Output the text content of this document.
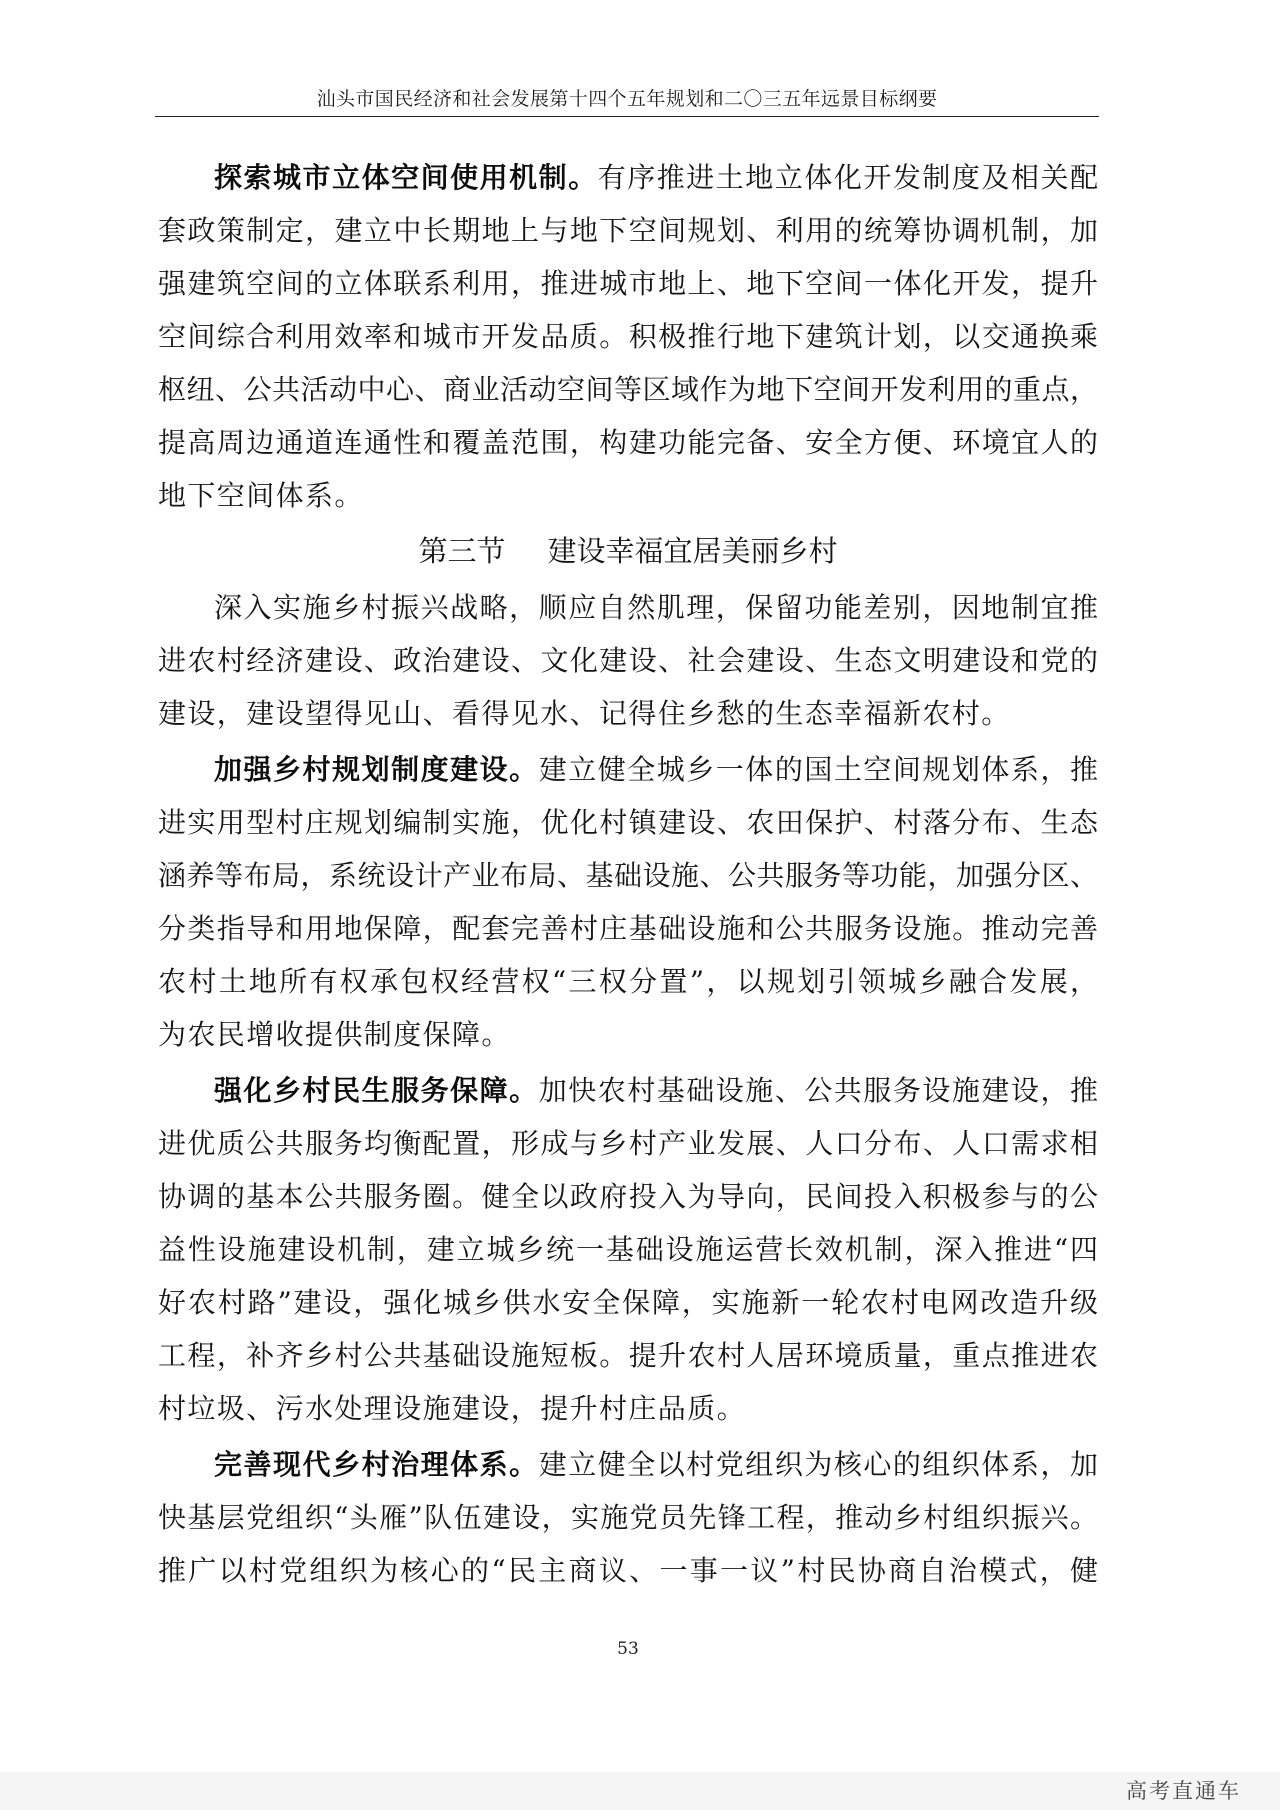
汕头市国民经济和社会发展第十四个五年规划和二〇三五年远景目标纲要
探索城市立体空间使用机制。有序推进土地立体化开发制度及相关配
套政策制定，建立中长期地上与地下空间规划、利用的统筹协调机制，加
强建筑空间的立体联系利用，推进城市地上、地下空间一体化开发，提升
空间综合利用效率和城市开发品质。积极推行地下建筑计划，以交通换乘
枢纽、公共活动中心、商业活动空间等区域作为地下空间开发利用的重点，
提高周边通道连通性和覆盖范围，构建功能完备、安全方便、环境宜人的
地下空间体系。
第三节 建设幸福宜居美丽乡村
深入实施乡村振兴战略，顺应自然肌理，保留功能差别，因地制宜推
进农村经济建设、政治建设、文化建设、社会建设、生态文明建设和党的
建设，建设望得见山、看得见水、记得住乡愁的生态幸福新农村。
加强乡村规划制度建设。建立健全城乡一体的国土空间规划体系，推
进实用型村庄规划编制实施，优化村镇建设、农田保护、村落分布、生态
涵养等布局，系统设计产业布局、基础设施、公共服务等功能，加强分区、
分类指导和用地保障，配套完善村庄基础设施和公共服务设施。推动完善
农村土地所有权承包权经营权“三权分置”，以规划引领城乡融合发展，
为农民增收提供制度保障。
强化乡村民生服务保障。加快农村基础设施、公共服务设施建设，推
进优质公共服务均衡配置，形成与乡村产业发展、人口分布、人口需求相
协调的基本公共服务圈。健全以政府投入为导向，民间投入积极参与的公
益性设施建设机制，建立城乡统一基础设施运营长效机制，深入推进“四
好农村路”建设，强化城乡供水安全保障，实施新一轮农村电网改造升级
工程，补齐乡村公共基础设施短板。提升农村人居环境质量，重点推进农
村垃圾、污水处理设施建设，提升村庄品质。
完善现代乡村治理体系。建立健全以村党组织为核心的组织体系，加
快基层党组织“头雁”队伍建设，实施党员先锋工程，推动乡村组织振兴。
推广以村党组织为核心的“民主商议、一事一议”村民协商自治模式，健
53
高考直通车
